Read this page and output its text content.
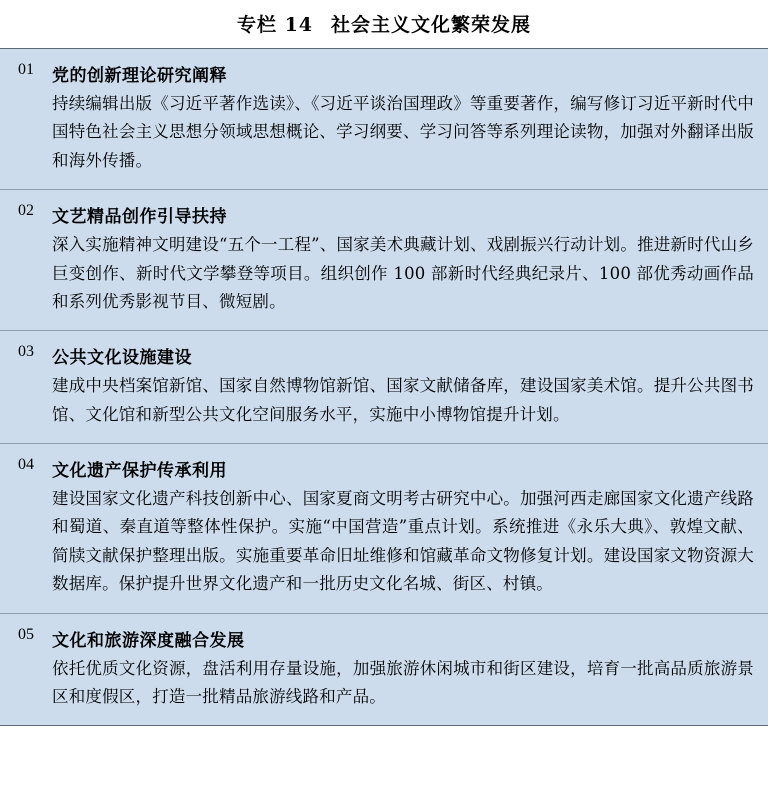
专栏 14 社会主义文化繁荣发展
01	党的创新理论研究阐释

持续编辑出版《习近平著作选读》、《习近平谈治国理政》等重要著作，编写修订习近平新时代中国特色社会主义思想分领域思想概论、学习纲要、学习问答等系列理论读物，加强对外翻译出版和海外传播。

02	文艺精品创作引导扶持

深入实施精神文明建设“五个一工程”、国家美术典藏计划、戏剧振兴行动计划。推进新时代山乡巨变创作、新时代文学攀登等项目。组织创作 100 部新时代经典纪录片、100 部优秀动画作品和系列优秀影视节目、微短剧。

03	公共文化设施建设

建成中央档案馆新馆、国家自然博物馆新馆、国家文献储备库，建设国家美术馆。提升公共图书馆、文化馆和新型公共文化空间服务水平，实施中小博物馆提升计划。

04	文化遗产保护传承利用

建设国家文化遗产科技创新中心、国家夏商文明考古研究中心。加强河西走廊国家文化遗产线路和蜀道、秦直道等整体性保护。实施“中国营造”重点计划。系统推进《永乐大典》、敦煌文献、简牍文献保护整理出版。实施重要革命旧址维修和馆藏革命文物修复计划。建设国家文物资源大数据库。保护提升世界文化遗产和一批历史文化名城、街区、村镇。

05	文化和旅游深度融合发展

依托优质文化资源，盘活利用存量设施，加强旅游休闲城市和街区建设，培育一批高品质旅游景区和度假区，打造一批精品旅游线路和产品。
